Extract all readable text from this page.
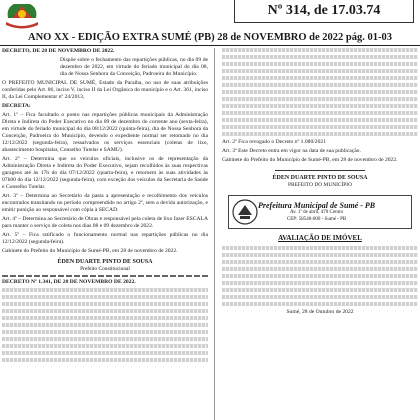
Nº 314, de 17.03.74
ANO XX - EDIÇÃO EXTRA SUMÉ (PB) 28 de NOVEMBRO de 2022 pág. 01-03

DECRETO, DE 28 DE NOVEMBRO DE 2022.

Dispõe sobre o fechamento das repartições públicas, no dia 09 de dezembro de 2022, em virtude do feriado municipal do dia 08, dia de Nossa Senhora da Conceição, Padroeira do Município.

O PREFEITO MUNICIPAL DE SUMÉ, Estado da Paraíba, no uso de suas atribuições conferidas pelo Art. 86, inciso V, inciso II da Lei Orgânica do município e o Art. 361, inciso II, da Lei Complementar nº 24/2013,

DECRETA:

Art. 1º – Fica facultado o ponto nas repartições públicas municipais da Administração Direta e Indireta do Poder Executivo no dia 09 de dezembro do corrente ano (sexta-feira), em virtude do feriado municipal do dia 08/12/2022 (quinta-feira), dia de Nossa Senhora da Conceição, Padroeira do Município, devendo o expediente normal ser retomado no dia 12/12/2022 (segunda-feira), ressalvados os serviços essenciais (coletas de lixo, abastecimento hospitalar, Conselho Tutelar e SAMU).

Art. 2º – Determina que os veículos oficiais, inclusive os de representação da Administração Direta e Indireta do Poder Executivo, sejam recolhidos às suas respectivas garagens até às 17h do dia 07/12/2022 (quarta-feira), e retornem às suas atividades às 07h00 do dia 12/12/2022 (segunda-feira), com exceção dos veículos da Secretaria de Saúde e Conselho Tutelar.

Art. 3º – Determina ao Secretário da pasta a apresentação e recolhimento dos veículos encontrados transitando no período compreendido no artigo 2º, sem a devida autorização, e emitir punição ao responsável com cópia à SECAD.

Art. 4º – Determina ao Secretário de Obras e responsável pela coleta de lixo fazer ESCALA para manter o serviço de coleta nos dias 08 e 09 dezembro de 2022.

Art. 5º – Fica ratificado o funcionamento normal nas repartições públicas no dia 12/12/2022 (segunda-feira).

Gabinete do Prefeito do Município de Sumé-PB, em 28 de novembro de 2022.

ÉDEN DUARTE PINTO DE SOUSA
Prefeito Constitucional

DECRETO Nº 1.341, DE 28 DE NOVEMBRO DE 2022.

Art. 2º Fica revogado o Decreto nº 1.080/2021

Art. 3º Este Decreto entra em vigor na data de sua publicação.

Gabinete do Prefeito do Município de Sumé-PB, em 28 de novembro de 2022.

ÉDEN DUARTE PINTO DE SOUSA
PREFEITO DO MUNICÍPIO
Prefeitura Municipal de Sumé - PB
Av. 1º de abril, 470 Centro
CEP: 58540-000 - Sumé - PB
AVALIAÇÃO DE IMÓVEL

Sumé, 28 de Outubro de 2022
